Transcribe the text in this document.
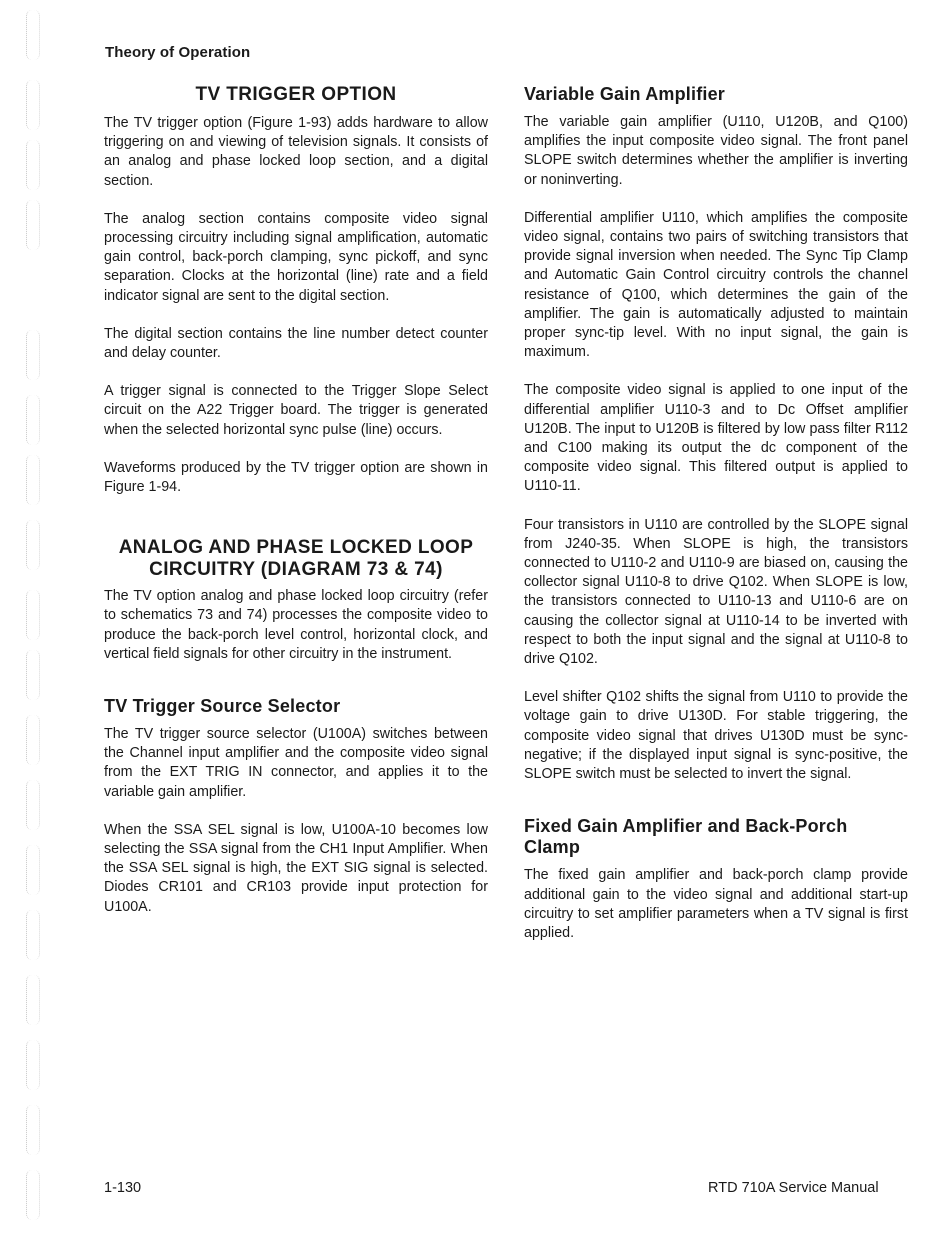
Theory of Operation
TV TRIGGER OPTION

The TV trigger option (Figure 1-93) adds hardware to allow triggering on and viewing of television signals. It consists of an analog and phase locked loop section, and a digital section.

The analog section contains composite video signal processing circuitry including signal amplification, automatic gain control, back-porch clamping, sync pickoff, and sync separation. Clocks at the horizontal (line) rate and a field indicator signal are sent to the digital section.

The digital section contains the line number detect counter and delay counter.

A trigger signal is connected to the Trigger Slope Select circuit on the A22 Trigger board. The trigger is generated when the selected horizontal sync pulse (line) occurs.

Waveforms produced by the TV trigger option are shown in Figure 1-94.

ANALOG AND PHASE LOCKED LOOP
CIRCUITRY (DIAGRAM 73 & 74)

The TV option analog and phase locked loop circuitry (refer to schematics 73 and 74) processes the composite video to produce the back-porch level control, horizontal clock, and vertical field signals for other circuitry in the instrument.

TV Trigger Source Selector

The TV trigger source selector (U100A) switches between the Channel input amplifier and the composite video signal from the EXT TRIG IN connector, and applies it to the variable gain amplifier.

When the SSA SEL signal is low, U100A-10 becomes low selecting the SSA signal from the CH1 Input Amplifier. When the SSA SEL signal is high, the EXT SIG signal is selected. Diodes CR101 and CR103 provide input protection for U100A.

Variable Gain Amplifier

The variable gain amplifier (U110, U120B, and Q100) amplifies the input composite video signal. The front panel SLOPE switch determines whether the amplifier is inverting or noninverting.

Differential amplifier U110, which amplifies the composite video signal, contains two pairs of switching transistors that provide signal inversion when needed. The Sync Tip Clamp and Automatic Gain Control circuitry controls the channel resistance of Q100, which determines the gain of the amplifier. The gain is automatically adjusted to maintain proper sync-tip level. With no input signal, the gain is maximum.

The composite video signal is applied to one input of the differential amplifier U110-3 and to Dc Offset amplifier U120B. The input to U120B is filtered by low pass filter R112 and C100 making its output the dc component of the composite video signal. This filtered output is applied to U110-11.

Four transistors in U110 are controlled by the SLOPE signal from J240-35. When SLOPE is high, the transistors connected to U110-2 and U110-9 are biased on, causing the collector signal U110-8 to drive Q102. When SLOPE is low, the transistors connected to U110-13 and U110-6 are on causing the collector signal at U110-14 to be inverted with respect to both the input signal and the signal at U110-8 to drive Q102.

Level shifter Q102 shifts the signal from U110 to provide the voltage gain to drive U130D. For stable triggering, the composite video signal that drives U130D must be sync-negative; if the displayed input signal is sync-positive, the SLOPE switch must be selected to invert the signal.

Fixed Gain Amplifier and Back-Porch Clamp

The fixed gain amplifier and back-porch clamp provide additional gain to the video signal and additional start-up circuitry to set amplifier parameters when a TV signal is first applied.

1-130	RTD 710A Service Manual
